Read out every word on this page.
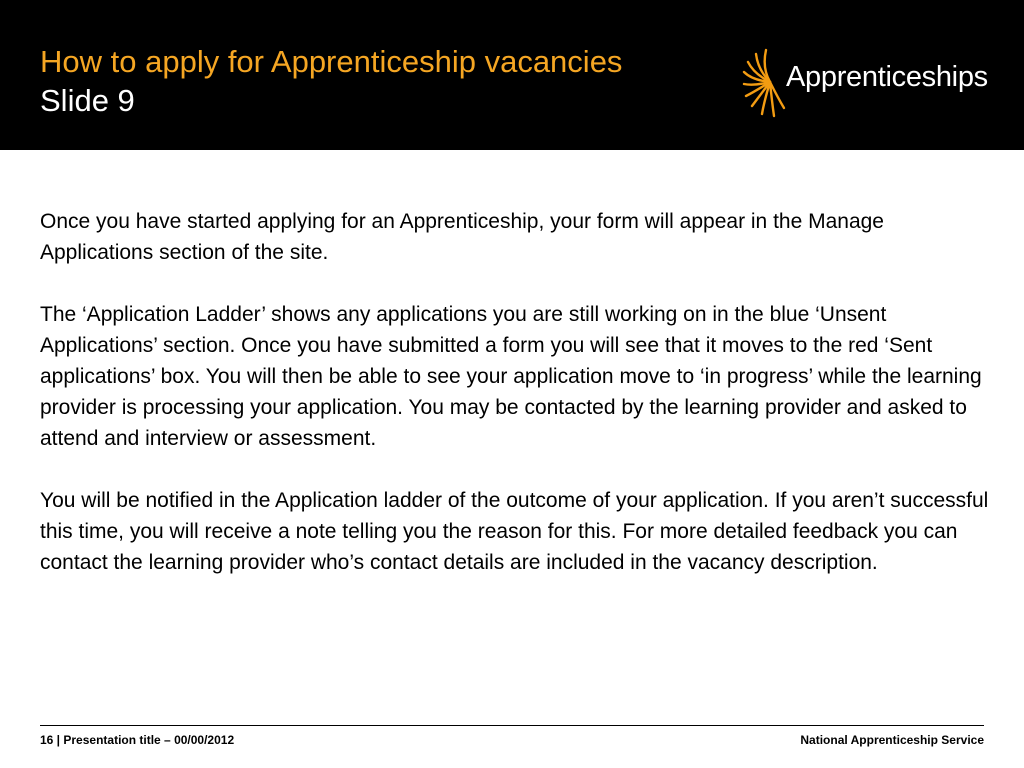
How to apply for Apprenticeship vacancies
Slide 9
Apprenticeships

Once you have started applying for an Apprenticeship, your form will appear in the Manage Applications section of the site.

The ‘Application Ladder’ shows any applications you are still working on in the blue ‘Unsent Applications’ section. Once you have submitted a form you will see that it moves to the red ‘Sent applications’ box. You will then be able to see your application move to ‘in progress’ while the learning provider is processing your application. You may be contacted by the learning provider and asked to attend and interview or assessment.

You will be notified in the Application ladder of the outcome of your application. If you aren’t successful this time, you will receive a note telling you the reason for this. For more detailed feedback you can contact the learning provider who’s contact details are included in the vacancy description.

16 | Presentation title – 00/00/2012	National Apprenticeship Service
